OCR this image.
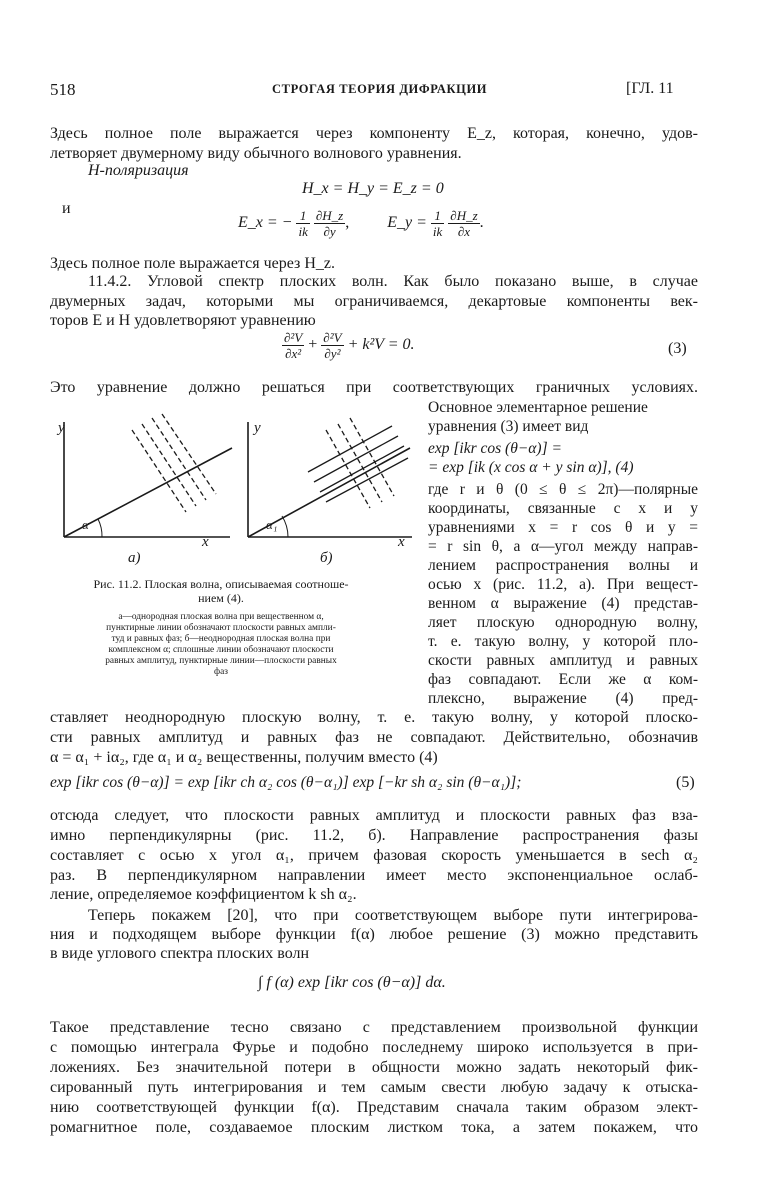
518	СТРОГАЯ ТЕОРИЯ ДИФРАКЦИИ	[ГЛ. 11
Здесь полное поле выражается через компоненту E_z, которая, конечно, удов-
летворяет двумерному виду обычного волнового уравнения.
H-поляризация
H_x = H_y = E_z = 0
и
E_x = − $\frac{1}{ik}$
$\frac{\partial H\_z}{\partial y}$ , E_y = $\frac{1}{ik}$
$\frac{\partial H\_z}{\partial x}$ .
Здесь полное поле выражается через H_z.
11.4.2. Угловой спектр плоских волн. Как было показано выше, в случае
двумерных задач, которыми мы ограничиваемся, декартовые компоненты век-
торов E и H удовлетворяют уравнению
$\frac{\text{∂²V}}{\text{∂x²}} + \frac{\text{∂²V}}{\text{∂y²}} + k^2V = 0$.	(3)
Это уравнение должно решаться при соответствующих граничных условиях.
Основное элементарное решение
уравнения (3) имеет вид
exp [ikr cos (θ−α)] =
= exp [ik (x cos α + y sin α)], (4)
где r и θ (0 ≤ θ ≤ 2π)—полярные
координаты, связанные с x и y
уравнениями x = r cos θ и y =
= r sin θ, а α—угол между направ-
лением распространения волны и
осью x (рис. 11.2, a). При вещест-
венном α выражение (4) представ-
ляет плоскую однородную волну,
т. е. такую волну, у которой пло-
скости равных амплитуд и равных
фаз совпадают. Если же α ком-
плексно, выражение (4) пред-
y	y
x	x
α	α₁
а)	б)
Рис. 11.2. Плоская волна, описываемая соотноше-
нием (4).
а—однородная плоская волна при вещественном α,
пунктирные линии обозначают плоскости равных ампли-
туд и равных фаз; б—неоднородная плоская волна при
комплексном α; сплошные линии обозначают плоскости
равных амплитуд, пунктирные линии—плоскости равных
фаз
ставляет неоднородную плоскую волну, т. е. такую волну, у которой плоско-
сти равных амплитуд и равных фаз не совпадают. Действительно, обозначив
α = α₁ + iα₂, где α₁ и α₂ вещественны, получим вместо (4)
exp [ikr cos (θ−α)] = exp [ikr ch α₂ cos (θ−α₁)] exp [−kr sh α₂ sin (θ−α₁)];	(5)
отсюда следует, что плоскости равных амплитуд и плоскости равных фаз вза-
имно перпендикулярны (рис. 11.2, б). Направление распространения фазы
составляет с осью x угол α₁, причем фазовая скорость уменьшается в sech α₂
раз. В перпендикулярном направлении имеет место экспоненциальное ослаб-
ление, определяемое коэффициентом k sh α₂.
Теперь покажем [20], что при соответствующем выборе пути интегрирова-
ния и подходящем выборе функции f(α) любое решение (3) можно представить
в виде углового спектра плоских волн
∫ f (α) exp [ikr cos (θ−α)] dα.
Такое представление тесно связано с представлением произвольной функции
с помощью интеграла Фурье и подобно последнему широко используется в при-
ложениях. Без значительной потери в общности можно задать некоторый фик-
сированный путь интегрирования и тем самым свести любую задачу к отыска-
нию соответствующей функции f(α). Представим сначала таким образом элект-
ромагнитное поле, создаваемое плоским листком тока, а затем покажем, что
